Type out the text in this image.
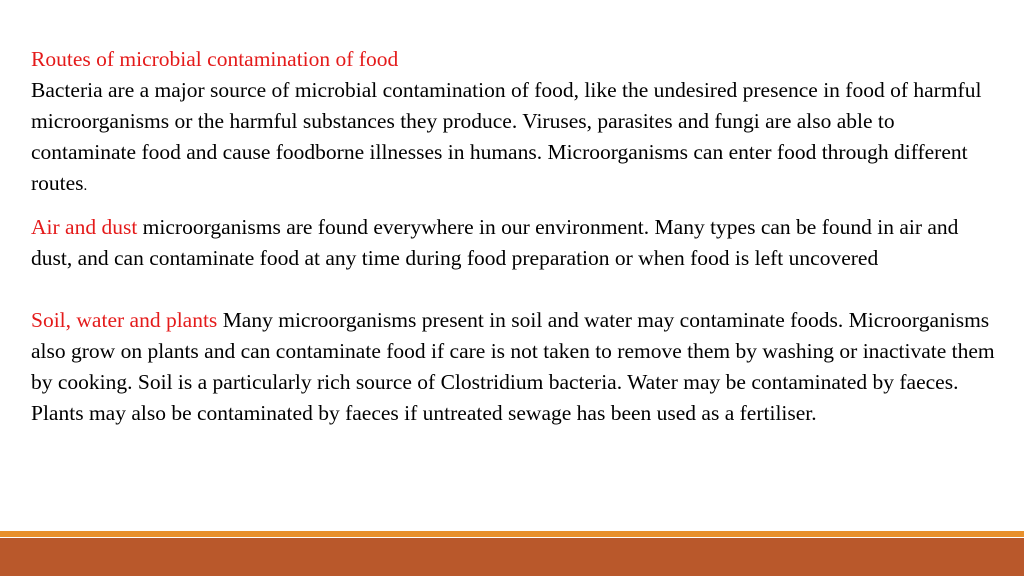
Routes of microbial contamination of food
Bacteria are a major source of microbial contamination of food, like the undesired presence in food of harmful microorganisms or the harmful substances they produce. Viruses, parasites and fungi are also able to contaminate food and cause foodborne illnesses in humans. Microorganisms can enter food through different routes.

Air and dust microorganisms are found everywhere in our environment. Many types can be found in air and dust, and can contaminate food at any time during food preparation or when food is left uncovered

Soil, water and plants Many microorganisms present in soil and water may contaminate foods. Microorganisms also grow on plants and can contaminate food if care is not taken to remove them by washing or inactivate them by cooking. Soil is a particularly rich source of Clostridium bacteria. Water may be contaminated by faeces. Plants may also be contaminated by faeces if untreated sewage has been used as a fertiliser.
